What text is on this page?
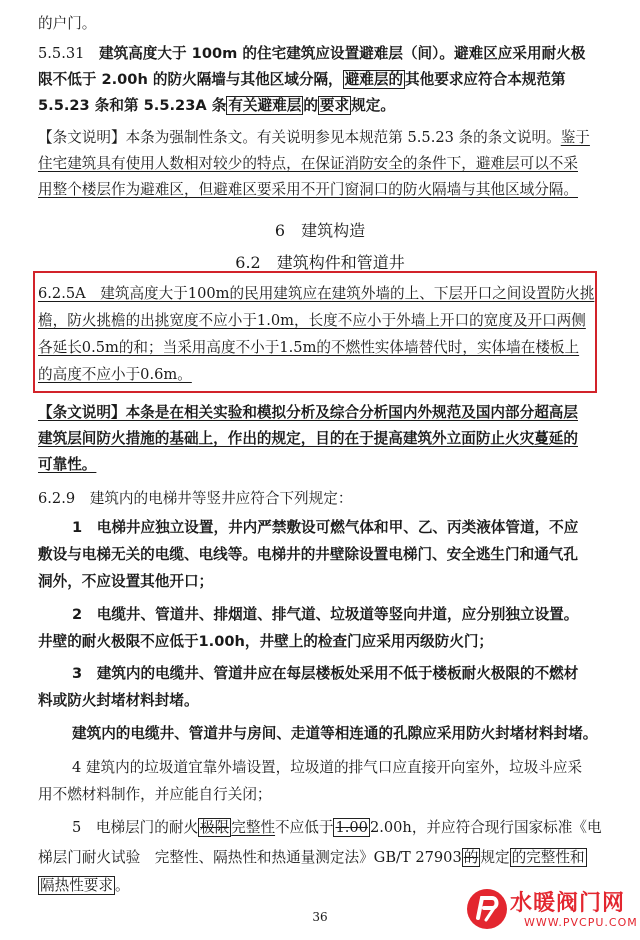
的户门。
5.5.31　建筑高度大于 100m 的住宅建筑应设置避难层（间）。避难区应采用耐火极
限不低于 2.00h 的防火隔墙与其他区域分隔， 避难层的 其他要求应符合本规范第
5.5.23 条和第 5.5.23A 条 有关避难层 的 要求 规定。
【条文说明】本条为强制性条文。有关说明参见本规范第 5.5.23 条的条文说明。鉴于
住宅建筑具有使用人数相对较少的特点，在保证消防安全的条件下，避难层可以不采
用整个楼层作为避难区，但避难区要采用不开门窗洞口的防火隔墙与其他区域分隔。
6　建筑构造
6.2　建筑构件和管道井
6.2.5A　建筑高度大于100m的民用建筑应在建筑外墙的上、下层开口之间设置防火挑
檐，防火挑檐的出挑宽度不应小于1.0m，长度不应小于外墙上开口的宽度及开口两侧
各延长0.5m的和；当采用高度不小于1.5m的不燃性实体墙替代时，实体墙在楼板上
的高度不应小于0.6m。
【条文说明】本条是在相关实验和模拟分析及综合分析国内外规范及国内部分超高层
建筑层间防火措施的基础上，作出的规定，目的在于提高建筑外立面防止火灾蔓延的
可靠性。
6.2.9　建筑内的电梯井等竖井应符合下列规定：
1　电梯井应独立设置，井内严禁敷设可燃气体和甲、乙、丙类液体管道，不应
敷设与电梯无关的电缆、电线等。电梯井的井壁除设置电梯门、安全逃生门和通气孔
洞外，不应设置其他开口；
2　电缆井、管道井、排烟道、排气道、垃圾道等竖向井道，应分别独立设置。
井壁的耐火极限不应低于1.00h，井壁上的检查门应采用丙级防火门；
3　建筑内的电缆井、管道井应在每层楼板处采用不低于楼板耐火极限的不燃材
料或防火封堵材料封堵。
建筑内的电缆井、管道井与房间、走道等相连通的孔隙应采用防火封堵材料封堵。
4 建筑内的垃圾道宜靠外墙设置，垃圾道的排气口应直接开向室外，垃圾斗应采
用不燃材料制作，并应能自行关闭；
5　电梯层门的耐火 极限 完整性不应低于 1.00 2.00h，并应符合现行国家标准《电
梯层门耐火试验　完整性、隔热性和热通量测定法》GB/T 27903 的 规定 的完整性和
隔热性要求 。
36
水暖阀门网
WWW.PVCPU.COM
